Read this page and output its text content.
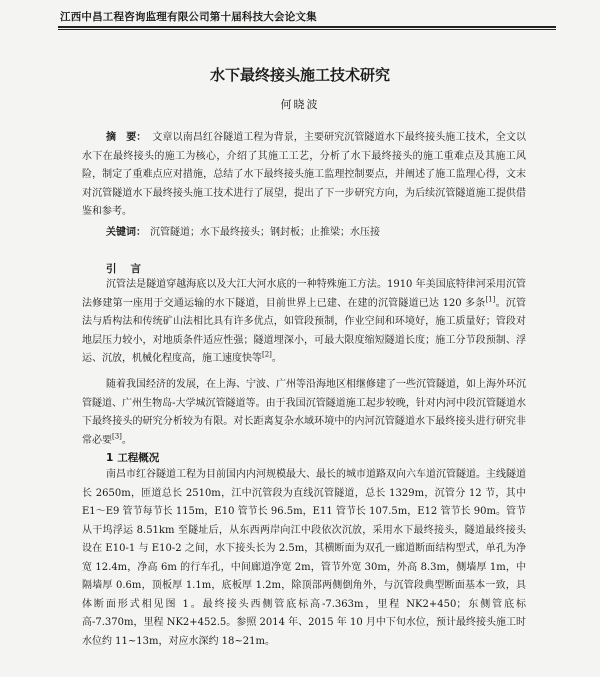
江西中昌工程咨询监理有限公司第十届科技大会论文集
水下最终接头施工技术研究
何晓波
摘　要： 文章以南昌红谷隧道工程为背景，主要研究沉管隧道水下最终接头施工技术，全文以水下在最终接头的施工为核心，介绍了其施工工艺，分析了水下最终接头的施工重难点及其施工风险，制定了重难点应对措施，总结了水下最终接头施工监理控制要点，并阐述了施工监理心得，文末对沉管隧道水下最终接头施工技术进行了展望，提出了下一步研究方向，为后续沉管隧道施工提供借鉴和参考。
关键词： 沉管隧道；水下最终接头；钢封板；止推梁；水压接
引 言
沉管法是隧道穿越海底以及大江大河水底的一种特殊施工方法。1910 年美国底特律河采用沉管法修建第一座用于交通运输的水下隧道，目前世界上已建、在建的沉管隧道已达 120 多条[1]。沉管法与盾构法和传统矿山法相比具有许多优点，如管段预制，作业空间和环境好，施工质量好；管段对地层压力较小，对地质条件适应性强；隧道埋深小，可最大限度缩短隧道长度；施工分节段预制、浮运、沉放，机械化程度高，施工速度快等[2]。
随着我国经济的发展，在上海、宁波、广州等沿海地区相继修建了一些沉管隧道，如上海外环沉管隧道、广州生物岛-大学城沉管隧道等。由于我国沉管隧道施工起步较晚，针对内河中段沉管隧道水下最终接头的研究分析较为有限。对长距离复杂水域环境中的内河沉管隧道水下最终接头进行研究非常必要[3]。
1 工程概况
南昌市红谷隧道工程为目前国内内河规模最大、最长的城市道路双向六车道沉管隧道。主线隧道长 2650m，匝道总长 2510m，江中沉管段为直线沉管隧道，总长 1329m，沉管分 12 节，其中 E1～E9 管节每节长 115m，E10 管节长 96.5m，E11 管节长 107.5m，E12 管节长 90m。管节从干坞浮运 8.51km 至隧址后，从东西两岸向江中段依次沉放，采用水下最终接头，隧道最终接头设在 E10-1 与 E10-2 之间，水下接头长为 2.5m，其横断面为双孔一廊道断面结构型式，单孔为净宽 12.4m，净高 6m 的行车孔，中间廊道净宽 2m，管节外宽 30m，外高 8.3m，侧墙厚 1m，中隔墙厚 0.6m，顶板厚 1.1m，底板厚 1.2m，除顶部两侧倒角外，与沉管段典型断面基本一致，具体断面形式相见图 1。最终接头西侧管底标高-7.363m，里程 NK2+450；东侧管底标高-7.370m，里程 NK2+452.5。参照 2014 年、2015 年 10 月中下旬水位，预计最终接头施工时水位约 11~13m，对应水深约 18~21m。
